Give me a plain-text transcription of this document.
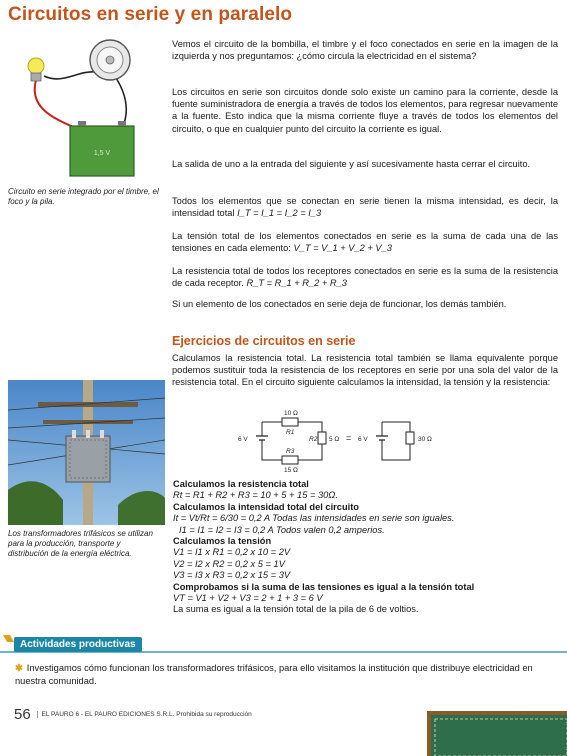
Circuitos en serie y en paralelo
1,5 V
Circuito en serie integrado por el timbre, el foco y la pila.
Vemos el circuito de la bombilla, el timbre y el foco conectados en serie en la imagen de la izquierda y nos preguntamos: ¿cómo circula la electricidad en el sistema?
Los circuitos en serie son circuitos donde solo existe un camino para la corriente, desde la fuente suministradora de energía a través de todos los elementos, para regresar nuevamente a la fuente. Esto indica que la misma corriente fluye a través de todos los elementos del circuito, o que en cualquier punto del circuito la corriente es igual.
La salida de uno a la entrada del siguiente y así sucesivamente hasta cerrar el circuito.
Todos los elementos que se conectan en serie tienen la misma intensidad, es decir, la intensidad total I_T = I_1 = I_2 = I_3
La tensión total de los elementos conectados en serie es la suma de cada una de las tensiones en cada elemento: V_T = V_1 + V_2 + V_3
La resistencia total de todos los receptores conectados en serie es la suma de la resistencia de cada receptor. R_T = R_1 + R_2 + R_3
Si un elemento de los conectados en serie deja de funcionar, los demás también.
Ejercicios de circuitos en serie
Calculamos la resistencia total. La resistencia total también se llama equivalente porque podemos sustituir toda la resistencia de los receptores en serie por una sola del valor de la resistencia total. En el circuito siguiente calculamos la intensidad, la tensión y la resistencia:
Los transformadores trifásicos se utilizan para la producción, transporte y distribución de la energía eléctrica.
10 Ω
R1
R2 5 Ω
R3
15 Ω
6 V	= 6 V	30 Ω
Calculamos la resistencia total
Rt = R1 + R2 + R3 = 10 + 5 + 15 = 30Ω.
Calculamos la intensidad total del circuito
It = Vt/Rt = 6/30 = 0,2 A Todas las intensidades en serie son iguales.
I1 = I1 = I2 = I3 = 0,2 A Todos valen 0,2 amperios.
Calculamos la tensión
V1 = I1 x R1 = 0,2 x 10 = 2V
V2 = I2 x R2 = 0,2 x 5 = 1V
V3 = I3 x R3 = 0,2 x 15 = 3V
Comprobamos si la suma de las tensiones es igual a la tensión total
VT = V1 + V2 + V3 = 2 + 1 + 3 = 6 V
La suma es igual a la tensión total de la pila de 6 de voltios.
Actividades productivas
✱ Investigamos cómo funcionan los transformadores trifásicos, para ello visitamos la institución que distribuye electricidad en nuestra comunidad.
56 EL PAURO 6 - EL PAURO EDICIONES S.R.L. Prohibida su reproducción
